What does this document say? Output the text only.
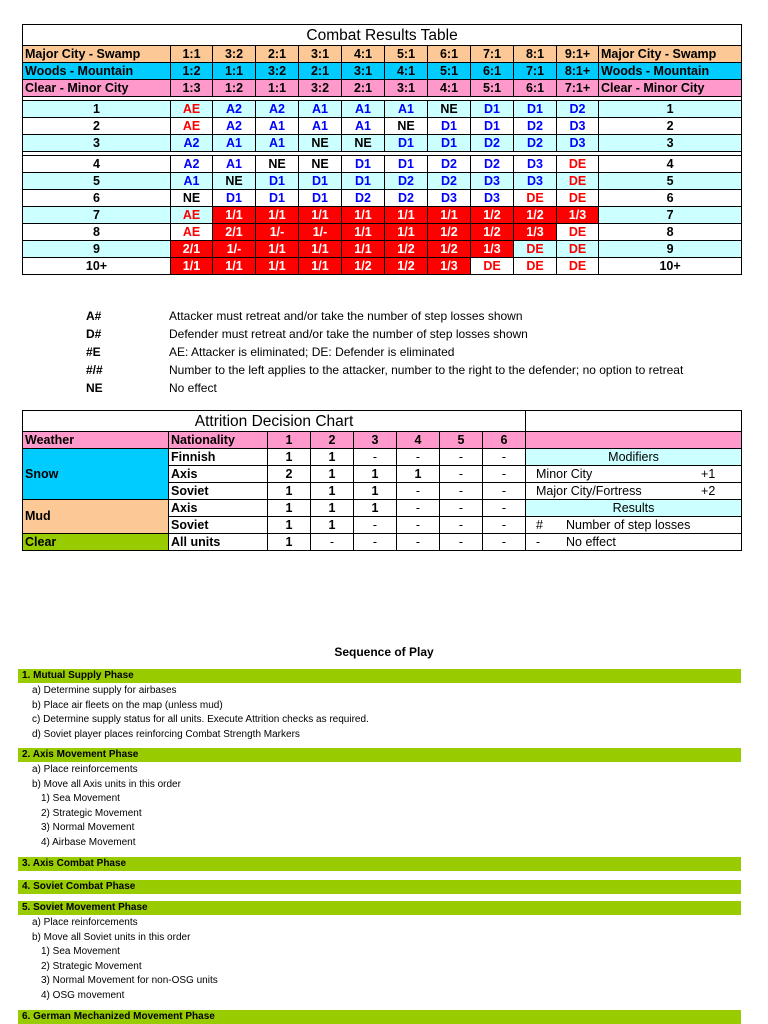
Combat Results Table											
Major City - Swamp	1:1	3:2	2:1	3:1	4:1	5:1	6:1	7:1	8:1	9:1+	Major City - Swamp
Woods - Mountain	1:2	1:1	3:2	2:1	3:1	4:1	5:1	6:1	7:1	8:1+	Woods - Mountain
Clear - Minor City	1:3	1:2	1:1	3:2	2:1	3:1	4:1	5:1	6:1	7:1+	Clear - Minor City

1	AE	A2	A2	A1	A1	A1	NE	D1	D1	D2	1
2	AE	A2	A1	A1	A1	NE	D1	D1	D2	D3	2
3	A2	A1	A1	NE	NE	D1	D1	D2	D2	D3	3

4	A2	A1	NE	NE	D1	D1	D2	D2	D3	DE	4
5	A1	NE	D1	D1	D1	D2	D2	D3	D3	DE	5
6	NE	D1	D1	D1	D2	D2	D3	D3	DE	DE	6
7	AE	1/1	1/1	1/1	1/1	1/1	1/1	1/2	1/2	1/3	7
8	AE	2/1	1/-	1/-	1/1	1/1	1/2	1/2	1/3	DE	8
9	2/1	1/-	1/1	1/1	1/1	1/2	1/2	1/3	DE	DE	9
10+	1/1	1/1	1/1	1/1	1/2	1/2	1/3	DE	DE	DE	10+
A#	Attacker must retreat and/or take the number of step losses shown
D#	Defender must retreat and/or take the number of step losses shown
#E	AE: Attacker is eliminated; DE: Defender is eliminated
#/#	Number to the left applies to the attacker, number to the right to the defender; no option to retreat
NE	No effect
Attrition Decision Chart								
Weather	Nationality	1	2	3	4	5	6	
Snow	Finnish	1	1	-	-	-	-	Modifiers
	Axis	2	1	1	1	-	-	Minor City +1
	Soviet	1	1	1	-	-	-	Major City/Fortress +2
Mud	Axis	1	1	1	-	-	-	Results
	Soviet	1	1	-	-	-	-	# Number of step losses
Clear	All units	1	-	-	-	-	-	- No effect
Sequence of Play
1. Mutual Supply Phase
a) Determine supply for airbases
b) Place air fleets on the map (unless mud)
c) Determine supply status for all units. Execute Attrition checks as required.
d) Soviet player places reinforcing Combat Strength Markers
2. Axis Movement Phase
a) Place reinforcements
b) Move all Axis units in this order
1) Sea Movement
2) Strategic Movement
3) Normal Movement
4) Airbase Movement
3. Axis Combat Phase
4. Soviet Combat Phase
5. Soviet Movement Phase
a) Place reinforcements
b) Move all Soviet units in this order
1) Sea Movement
2) Strategic Movement
3) Normal Movement for non-OSG units
4) OSG movement
6. German Mechanized Movement Phase
